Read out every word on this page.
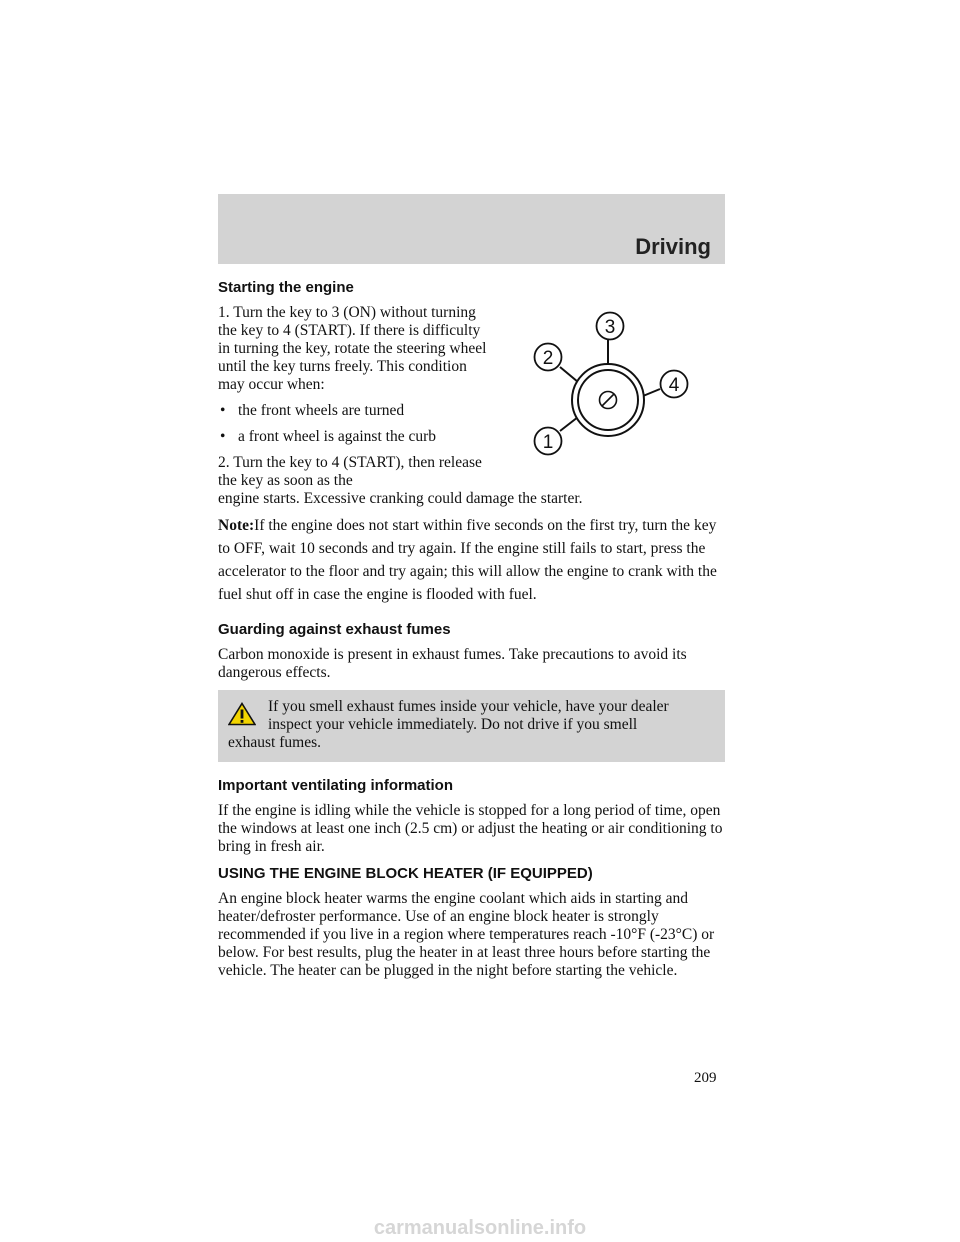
Driving
3
2
4
1
Starting the engine

1. Turn the key to 3 (ON) without turning the key to 4 (START). If there is difficulty in turning the key, rotate the steering wheel until the key turns freely. This condition may occur when:

• the front wheels are turned

• a front wheel is against the curb

2. Turn the key to 4 (START), then release the key as soon as the
engine starts. Excessive cranking could damage the starter.

Note:If the engine does not start within five seconds on the first try, turn the key to OFF, wait 10 seconds and try again. If the engine still fails to start, press the accelerator to the floor and try again; this will allow the engine to crank with the fuel shut off in case the engine is flooded with fuel.

Guarding against exhaust fumes

Carbon monoxide is present in exhaust fumes. Take precautions to avoid its dangerous effects.

If you smell exhaust fumes inside your vehicle, have your dealer inspect your vehicle immediately. Do not drive if you smell
exhaust fumes.
Important ventilating information

If the engine is idling while the vehicle is stopped for a long period of time, open the windows at least one inch (2.5 cm) or adjust the heating or air conditioning to bring in fresh air.

USING THE ENGINE BLOCK HEATER (IF EQUIPPED)

An engine block heater warms the engine coolant which aids in starting and heater/defroster performance. Use of an engine block heater is strongly recommended if you live in a region where temperatures reach -10°F (-23°C) or below. For best results, plug the heater in at least three hours before starting the vehicle. The heater can be plugged in the night before starting the vehicle.

209
carmanualsonline.info
